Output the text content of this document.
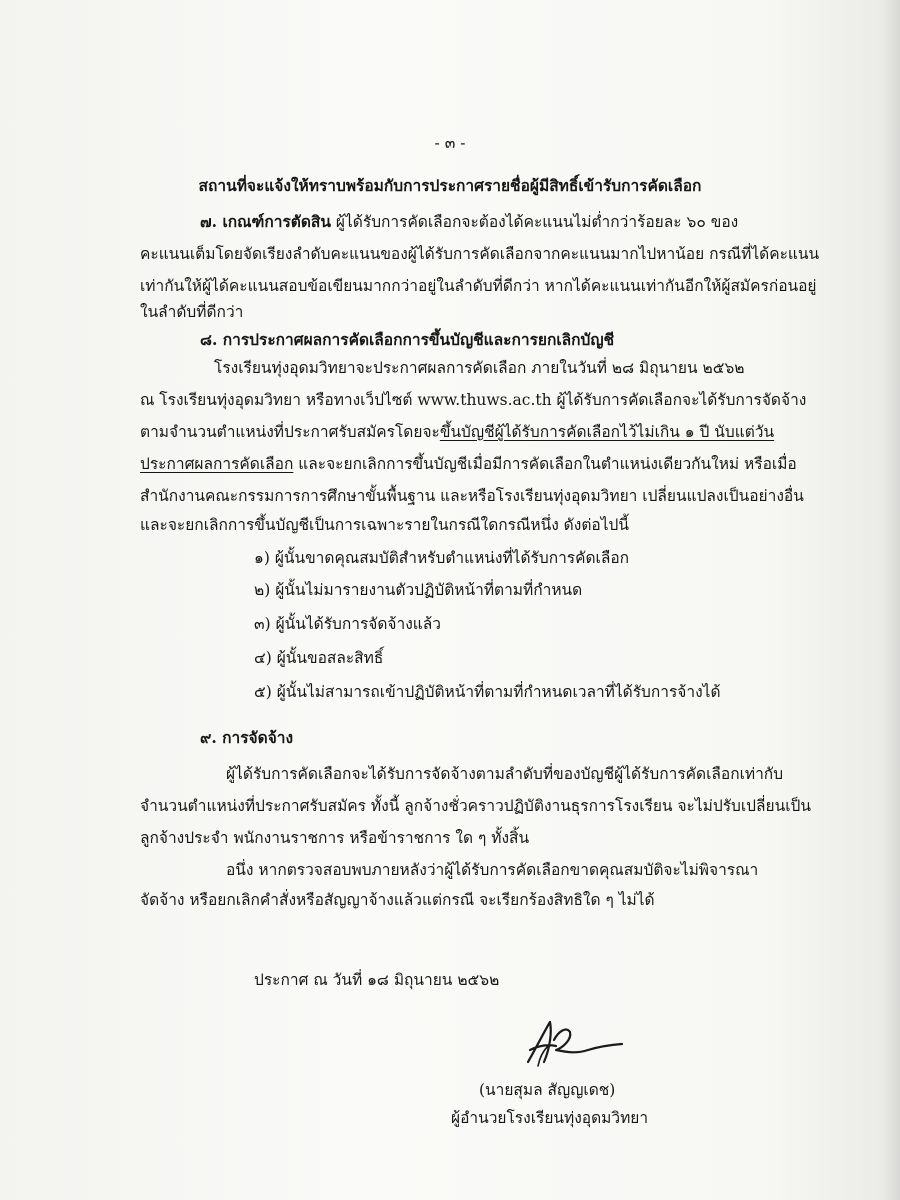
- ๓ -
สถานที่จะแจ้งให้ทราบพร้อมกับการประกาศรายชื่อผู้มีสิทธิ์เข้ารับการคัดเลือก
๗. เกณฑ์การตัดสิน ผู้ได้รับการคัดเลือกจะต้องได้คะแนนไม่ต่ำกว่าร้อยละ ๖๐ ของ
คะแนนเต็มโดยจัดเรียงลำดับคะแนนของผู้ได้รับการคัดเลือกจากคะแนนมากไปหาน้อย กรณีที่ได้คะแนน
เท่ากันให้ผู้ได้คะแนนสอบข้อเขียนมากกว่าอยู่ในลำดับที่ดีกว่า หากได้คะแนนเท่ากันอีกให้ผู้สมัครก่อนอยู่
ในลำดับที่ดีกว่า
๘. การประกาศผลการคัดเลือกการขึ้นบัญชีและการยกเลิกบัญชี
โรงเรียนทุ่งอุดมวิทยาจะประกาศผลการคัดเลือก ภายในวันที่ ๒๘ มิถุนายน ๒๕๖๒
ณ โรงเรียนทุ่งอุดมวิทยา หรือทางเว็ปไซต์ www.thuws.ac.th ผู้ได้รับการคัดเลือกจะได้รับการจัดจ้าง
ตามจำนวนตำแหน่งที่ประกาศรับสมัครโดยจะขึ้นบัญชีผู้ได้รับการคัดเลือกไว้ไม่เกิน ๑ ปี นับแต่วัน
ประกาศผลการคัดเลือก และจะยกเลิกการขึ้นบัญชีเมื่อมีการคัดเลือกในตำแหน่งเดียวกันใหม่ หรือเมื่อ
สำนักงานคณะกรรมการการศึกษาขั้นพื้นฐาน และหรือโรงเรียนทุ่งอุดมวิทยา เปลี่ยนแปลงเป็นอย่างอื่น
และจะยกเลิกการขึ้นบัญชีเป็นการเฉพาะรายในกรณีใดกรณีหนึ่ง ดังต่อไปนี้
๑) ผู้นั้นขาดคุณสมบัติสำหรับตำแหน่งที่ได้รับการคัดเลือก
๒) ผู้นั้นไม่มารายงานตัวปฏิบัติหน้าที่ตามที่กำหนด
๓) ผู้นั้นได้รับการจัดจ้างแล้ว
๔) ผู้นั้นขอสละสิทธิ์
๕) ผู้นั้นไม่สามารถเข้าปฏิบัติหน้าที่ตามที่กำหนดเวลาที่ได้รับการจ้างได้
๙. การจัดจ้าง
ผู้ได้รับการคัดเลือกจะได้รับการจัดจ้างตามลำดับที่ของบัญชีผู้ได้รับการคัดเลือกเท่ากับ
จำนวนตำแหน่งที่ประกาศรับสมัคร ทั้งนี้ ลูกจ้างชั่วคราวปฏิบัติงานธุรการโรงเรียน จะไม่ปรับเปลี่ยนเป็น
ลูกจ้างประจำ พนักงานราชการ หรือข้าราชการ ใด ๆ ทั้งสิ้น
อนึ่ง หากตรวจสอบพบภายหลังว่าผู้ได้รับการคัดเลือกขาดคุณสมบัติจะไม่พิจารณา
จัดจ้าง หรือยกเลิกคำสั่งหรือสัญญาจ้างแล้วแต่กรณี จะเรียกร้องสิทธิใด ๆ ไม่ได้
ประกาศ ณ วันที่ ๑๘ มิถุนายน ๒๕๖๒
(นายสุมล สัญญเดช)
ผู้อำนวยโรงเรียนทุ่งอุดมวิทยา
